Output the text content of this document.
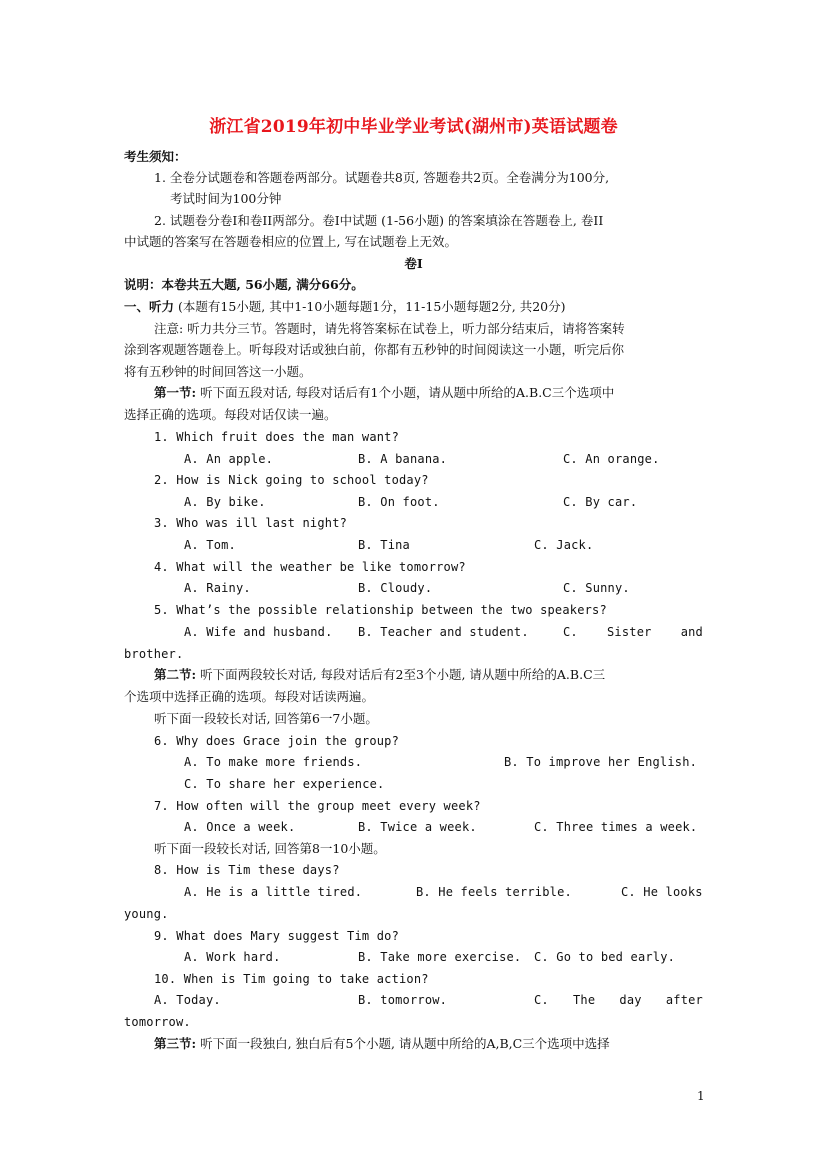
浙江省2019年初中毕业学业考试(湖州市)英语试题卷
考生须知：
1. 全卷分试题卷和答题卷两部分。试题卷共8页, 答题卷共2页。全卷满分为100分,
考试时间为100分钟
2. 试题卷分卷I和卷II两部分。卷I中试题 (1-56小题) 的答案填涂在答题卷上, 卷II
中试题的答案写在答题卷相应的位置上, 写在试题卷上无效。
卷I
说明：本卷共五大题, 56小题, 满分66分。
一、听力 (本题有15小题, 其中1-10小题每题1分，11-15小题每题2分, 共20分)
注意: 听力共分三节。答题时，请先将答案标在试卷上，听力部分结束后，请将答案转
涂到客观题答题卷上。听每段对话或独白前，你都有五秒钟的时间阅读这一小题，听完后你
将有五秒钟的时间回答这一小题。
第一节: 听下面五段对话, 每段对话后有1个小题，请从题中所给的A.B.C三个选项中
选择正确的选项。每段对话仅读一遍。
1. Which fruit does the man want?
A. An apple.	B. A banana.	C. An orange.
2. How is Nick going to school today?
A. By bike.	B. On foot.	C. By car.
3. Who was ill last night?
A. Tom.	B. Tina	C. Jack.
4. What will the weather be like tomorrow?
A. Rainy.	B. Cloudy.	C. Sunny.
5. What’s the possible relationship between the two speakers?
A. Wife and husband. B. Teacher and student.	C. Sister and
brother.
第二节: 听下面两段较长对话, 每段对话后有2至3个小题, 请从题中所给的A.B.C三
个选项中选择正确的选项。每段对话读两遍。
听下面一段较长对话, 回答第6一7小题。
6. Why does Grace join the group?
A. To make more friends.	B. To improve her English.
C. To share her experience.
7. How often will the group meet every week?
A. Once a week.	B. Twice a week.	C. Three times a week.
听下面一段较长对话, 回答第8一10小题。
8. How is Tim these days?
A. He is a little tired.	B. He feels terrible.	C. He looks
young.
9. What does Mary suggest Tim do?
A. Work hard.	B. Take more exercise. C. Go to bed early.
10. When is Tim going to take action?
A. Today.	B. tomorrow.	C. The day after
tomorrow.
第三节: 听下面一段独白, 独白后有5个小题, 请从题中所给的A,B,C三个选项中选择
1
